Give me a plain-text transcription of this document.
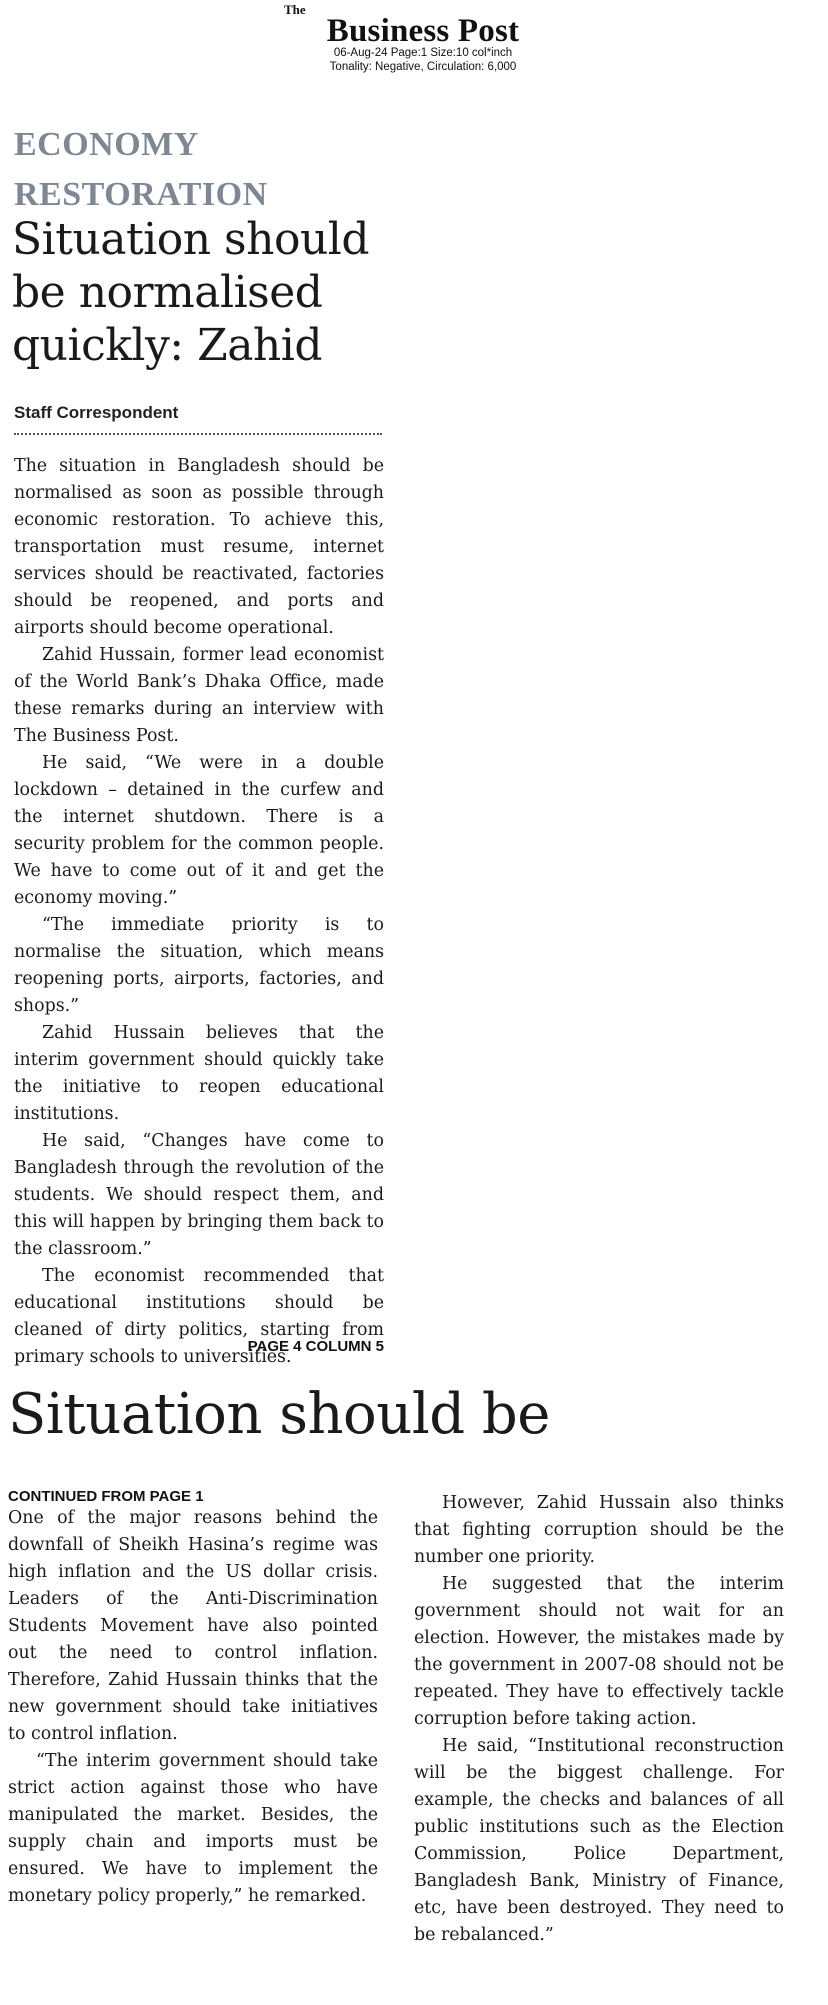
The
Business Post
06-Aug-24 Page:1 Size:10 col*inch
Tonality: Negative, Circulation: 6,000
ECONOMY
RESTORATION
Situation should
be normalised
quickly: Zahid
Staff Correspondent

The situation in Bangladesh should be normalised as soon as possible through economic restoration. To achieve this, transportation must resume, internet services should be reactivated, factories should be reopened, and ports and airports should become operational.

Zahid Hussain, former lead economist of the World Bank’s Dhaka Office, made these remarks during an interview with The Business Post.

He said, “We were in a double lockdown – detained in the curfew and the internet shutdown. There is a security problem for the common people. We have to come out of it and get the economy moving.”

“The immediate priority is to normalise the situation, which means reopening ports, airports, factories, and shops.”

Zahid Hussain believes that the interim government should quickly take the initiative to reopen educational institutions.

He said, “Changes have come to Bangladesh through the revolution of the students. We should respect them, and this will happen by bringing them back to the classroom.”

The economist recommended that educational institutions should be cleaned of dirty politics, starting from primary schools to universities.

PAGE 4 COLUMN 5
Situation should be
CONTINUED FROM PAGE 1

One of the major reasons behind the downfall of Sheikh Hasina’s regime was high inflation and the US dollar crisis. Leaders of the Anti-Discrimination Students Movement have also pointed out the need to control inflation. Therefore, Zahid Hussain thinks that the new government should take initiatives to control inflation.

“The interim government should take strict action against those who have manipulated the market. Besides, the supply chain and imports must be ensured. We have to implement the monetary policy properly,” he remarked.

However, Zahid Hussain also thinks that fighting corruption should be the number one priority.

He suggested that the interim government should not wait for an election. However, the mistakes made by the government in 2007-08 should not be repeated. They have to effectively tackle corruption before taking action.

He said, “Institutional reconstruction will be the biggest challenge. For example, the checks and balances of all public institutions such as the Election Commission, Police Department, Bangladesh Bank, Ministry of Finance, etc, have been destroyed. They need to be rebalanced.”
